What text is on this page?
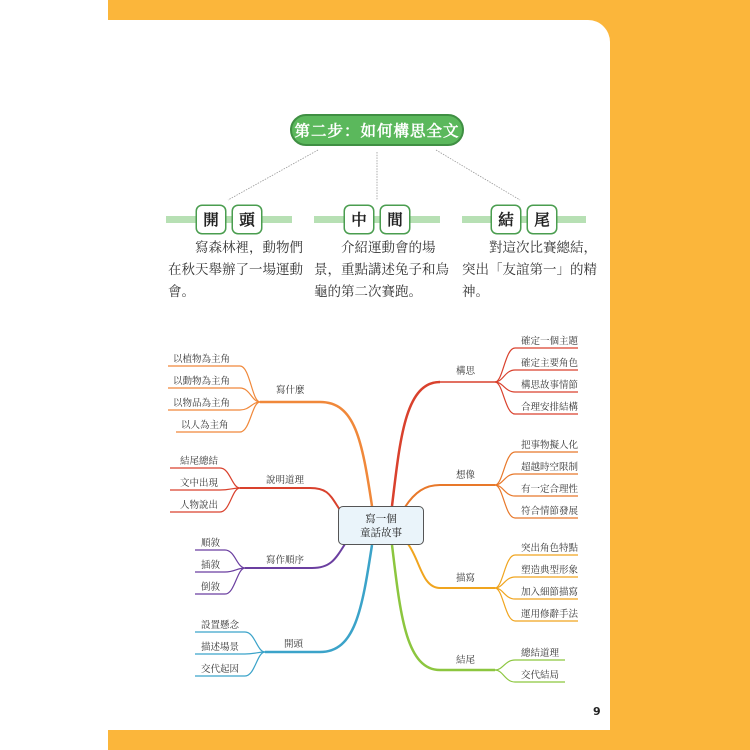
第二步：如何構思全文
開	頭	中	間	結	尾
　　寫森林裡，動物們
在秋天舉辦了一場運動
會。
　　介紹運動會的場
景，重點講述兔子和烏
龜的第二次賽跑。
　　對這次比賽總結，
突出「友誼第一」的精
神。
寫一個
童話故事
構思
確定一個主題
確定主要角色
構思故事情節
合理安排結構
想像
把事物擬人化
超越時空限制
有一定合理性
符合情節發展
描寫
突出角色特點
塑造典型形象
加入細節描寫
運用修辭手法
結尾
總結道理
交代結局
寫什麼
以植物為主角
以動物為主角
以物品為主角
以人為主角
說明道理
結尾總結
文中出現
人物說出
寫作順序
順敘
插敘
倒敘
開頭
設置懸念
描述場景
交代起因
9
